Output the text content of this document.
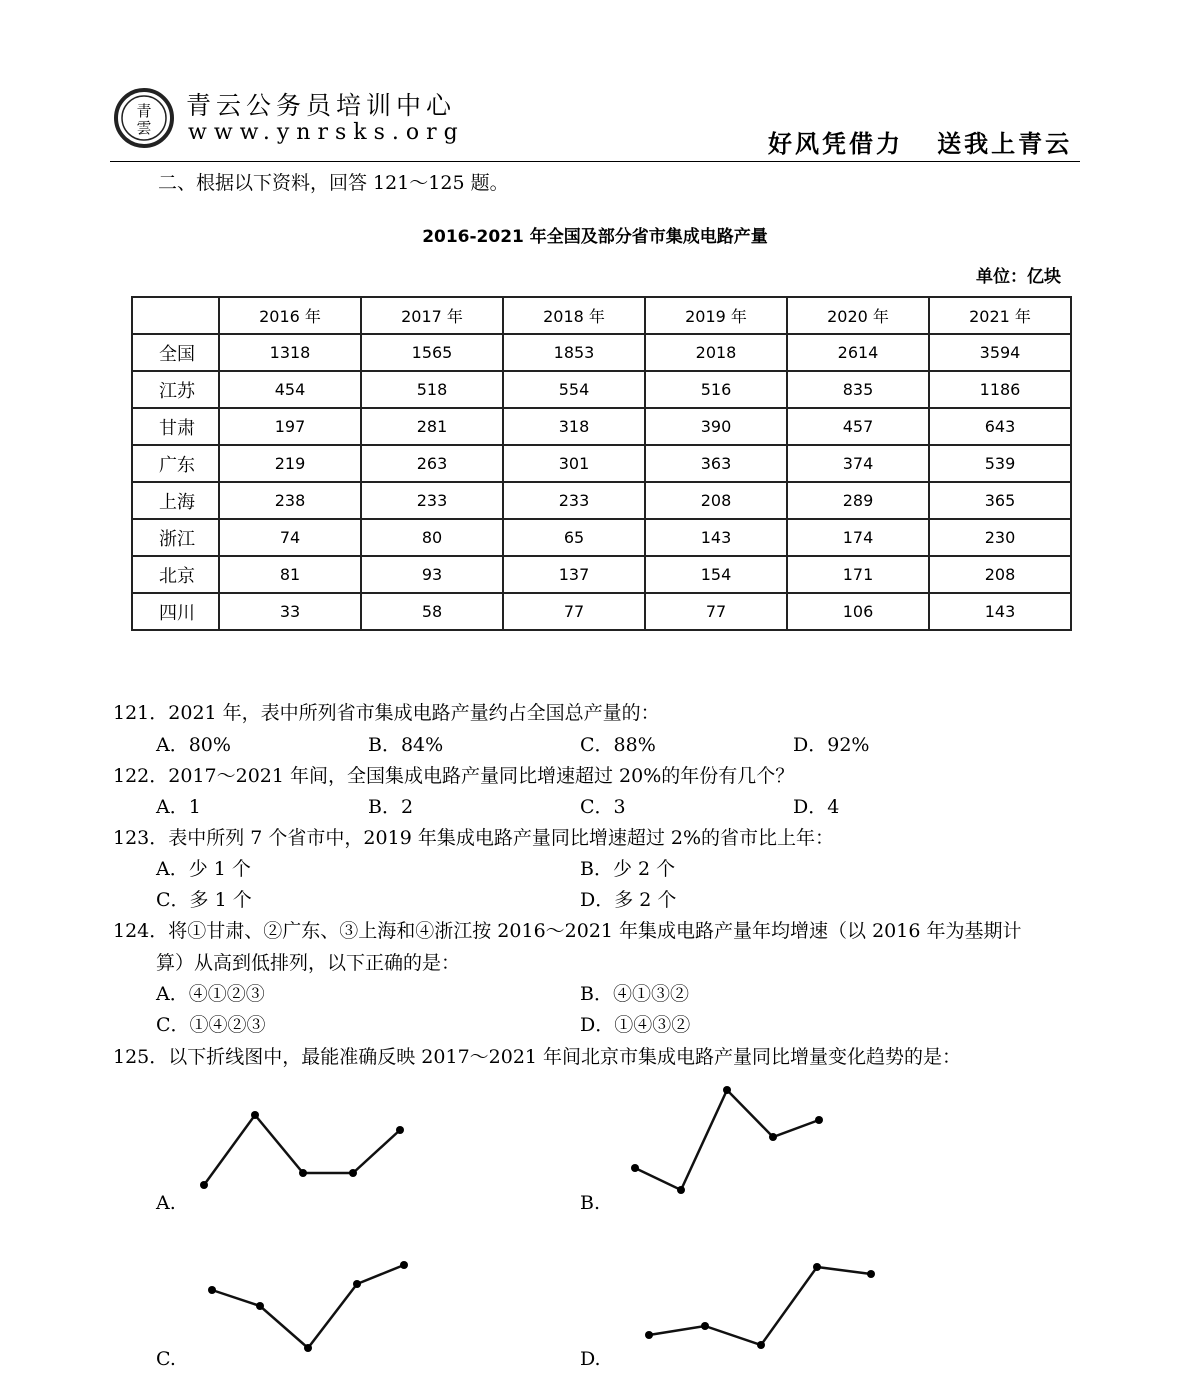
青
雲
青云公务员培训中心
www.ynrsks.org	好风凭借力   送我上青云
二、根据以下资料，回答 121～125 题。
2016-2021 年全国及部分省市集成电路产量
单位：亿块
	2016 年	2017 年	2018 年	2019 年	2020 年	2021 年
全国	1318	1565	1853	2018	2614	3594
江苏	454	518	554	516	835	1186
甘肃	197	281	318	390	457	643
广东	219	263	301	363	374	539
上海	238	233	233	208	289	365
浙江	74	80	65	143	174	230
北京	81	93	137	154	171	208
四川	33	58	77	77	106	143
121．2021 年，表中所列省市集成电路产量约占全国总产量的：
A．80%	B．84%	C．88%	D．92%
122．2017～2021 年间，全国集成电路产量同比增速超过 20%的年份有几个？
A．1	B．2	C．3	D．4
123．表中所列 7 个省市中，2019 年集成电路产量同比增速超过 2%的省市比上年：
A．少 1 个	B．少 2 个
C．多 1 个	D．多 2 个
124．将①甘肃、②广东、③上海和④浙江按 2016～2021 年集成电路产量年均增速（以 2016 年为基期计
算）从高到低排列，以下正确的是：
A．④①②③	B．④①③②
C．①④②③	D．①④③②
125．以下折线图中，最能准确反映 2017～2021 年间北京市集成电路产量同比增量变化趋势的是：
A.	B.
C.	D.
